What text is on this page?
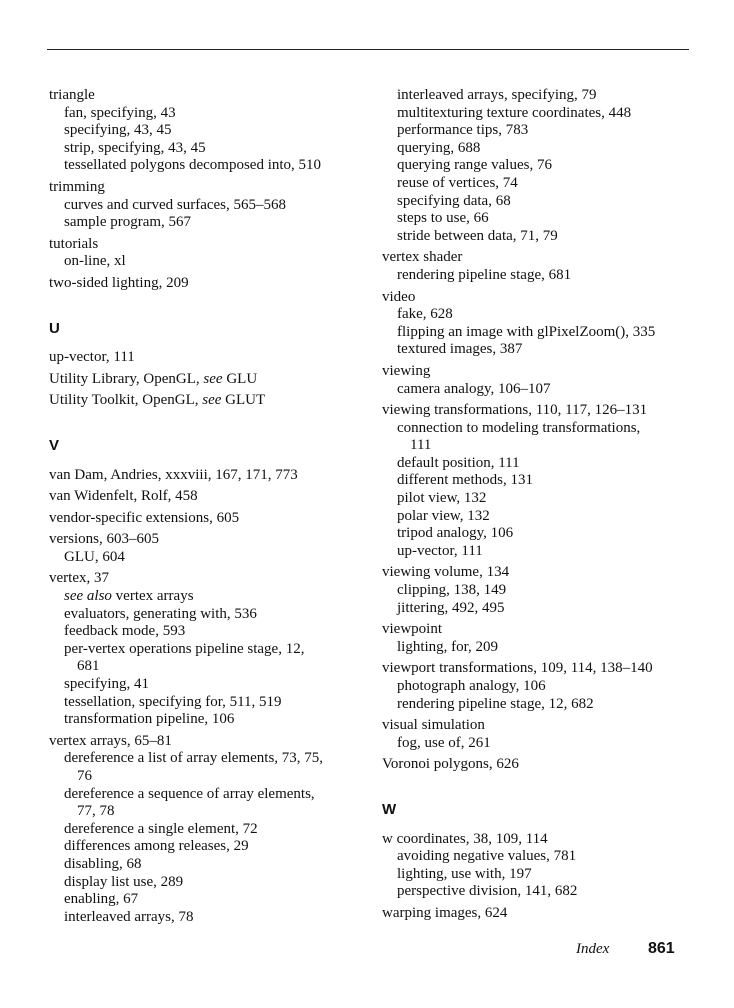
triangle
fan, specifying, 43
specifying, 43, 45
strip, specifying, 43, 45
tessellated polygons decomposed into, 510
trimming
curves and curved surfaces, 565–568
sample program, 567
tutorials
on-line, xl
two-sided lighting, 209
U
up-vector, 111
Utility Library, OpenGL, see GLU
Utility Toolkit, OpenGL, see GLUT
V
van Dam, Andries, xxxviii, 167, 171, 773
van Widenfelt, Rolf, 458
vendor-specific extensions, 605
versions, 603–605
GLU, 604
vertex, 37
see also vertex arrays
evaluators, generating with, 536
feedback mode, 593
per-vertex operations pipeline stage, 12,
681
specifying, 41
tessellation, specifying for, 511, 519
transformation pipeline, 106
vertex arrays, 65–81
dereference a list of array elements, 73, 75,
76
dereference a sequence of array elements,
77, 78
dereference a single element, 72
differences among releases, 29
disabling, 68
display list use, 289
enabling, 67
interleaved arrays, 78
interleaved arrays, specifying, 79
multitexturing texture coordinates, 448
performance tips, 783
querying, 688
querying range values, 76
reuse of vertices, 74
specifying data, 68
steps to use, 66
stride between data, 71, 79
vertex shader
rendering pipeline stage, 681
video
fake, 628
flipping an image with glPixelZoom(), 335
textured images, 387
viewing
camera analogy, 106–107
viewing transformations, 110, 117, 126–131
connection to modeling transformations,
111
default position, 111
different methods, 131
pilot view, 132
polar view, 132
tripod analogy, 106
up-vector, 111
viewing volume, 134
clipping, 138, 149
jittering, 492, 495
viewpoint
lighting, for, 209
viewport transformations, 109, 114, 138–140
photograph analogy, 106
rendering pipeline stage, 12, 682
visual simulation
fog, use of, 261
Voronoi polygons, 626
W
w coordinates, 38, 109, 114
avoiding negative values, 781
lighting, use with, 197
perspective division, 141, 682
warping images, 624
Index 861
